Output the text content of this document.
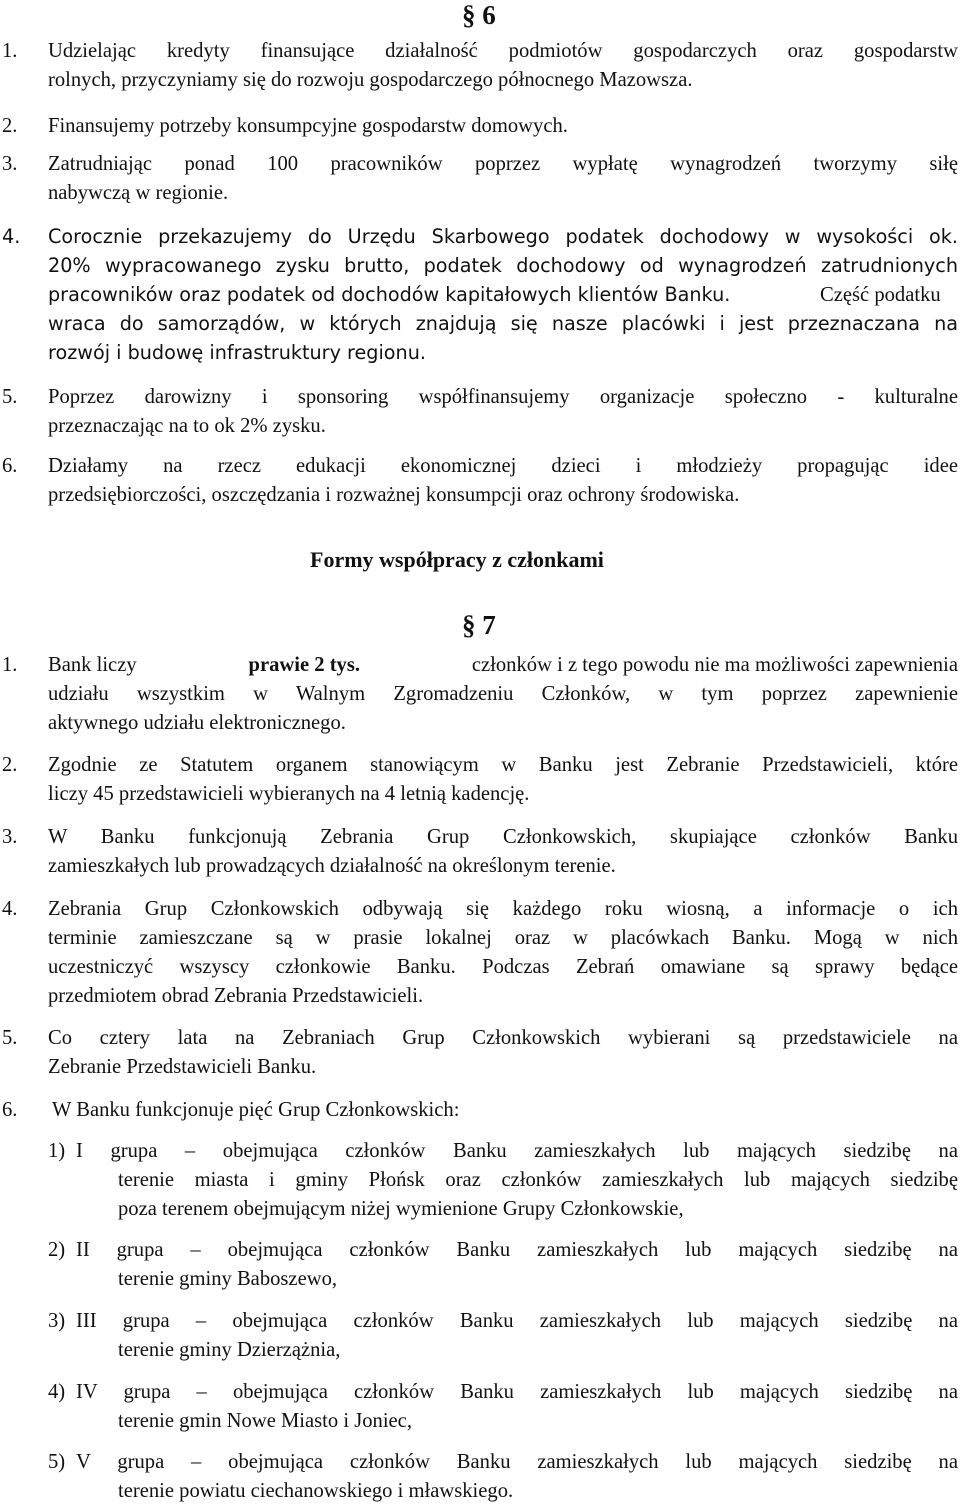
§ 6
1. Udzielając kredyty finansujące działalność podmiotów gospodarczych oraz gospodarstw
rolnych, przyczyniamy się do rozwoju gospodarczego północnego Mazowsza.
2. Finansujemy potrzeby konsumpcyjne gospodarstw domowych.
3. Zatrudniając ponad 100 pracowników poprzez wypłatę wynagrodzeń tworzymy siłę
nabywczą w regionie.
4. Corocznie przekazujemy do Urzędu Skarbowego podatek dochodowy w wysokości ok.
20% wypracowanego zysku brutto, podatek dochodowy od wynagrodzeń zatrudnionych
pracowników oraz podatek od dochodów kapitałowych klientów Banku.	Część podatku
wraca do samorządów, w których znajdują się nasze placówki i jest przeznaczana na
rozwój i budowę infrastruktury regionu.
5. Poprzez darowizny i sponsoring współfinansujemy organizacje społeczno - kulturalne
przeznaczając na to ok 2% zysku.
6. Działamy na rzecz edukacji ekonomicznej dzieci i młodzieży propagując idee
przedsiębiorczości, oszczędzania i rozważnej konsumpcji oraz ochrony środowiska.
Formy współpracy z członkami
§ 7
1. Bank liczy	prawie 2 tys.	członków i z tego powodu nie ma możliwości zapewnienia
udziału wszystkim w Walnym Zgromadzeniu Członków, w tym poprzez zapewnienie
aktywnego udziału elektronicznego.
2. Zgodnie ze Statutem organem stanowiącym w Banku jest Zebranie Przedstawicieli, które
liczy 45 przedstawicieli wybieranych na 4 letnią kadencję.
3. W Banku funkcjonują Zebrania Grup Członkowskich, skupiające członków Banku
zamieszkałych lub prowadzących działalność na określonym terenie.
4. Zebrania Grup Członkowskich odbywają się każdego roku wiosną, a informacje o ich
terminie zamieszczane są w prasie lokalnej oraz w placówkach Banku. Mogą w nich
uczestniczyć wszyscy członkowie Banku. Podczas Zebrań omawiane są sprawy będące
przedmiotem obrad Zebrania Przedstawicieli.
5. Co cztery lata na Zebraniach Grup Członkowskich wybierani są przedstawiciele na
Zebranie Przedstawicieli Banku.
6. W Banku funkcjonuje pięć Grup Członkowskich:
1) I grupa – obejmująca członków Banku zamieszkałych lub mających siedzibę na
terenie miasta i gminy Płońsk oraz członków zamieszkałych lub mających siedzibę
poza terenem obejmującym niżej wymienione Grupy Członkowskie,
2) II grupa – obejmująca członków Banku zamieszkałych lub mających siedzibę na
terenie gminy Baboszewo,
3) III grupa – obejmująca członków Banku zamieszkałych lub mających siedzibę na
terenie gminy Dzierzążnia,
4) IV grupa – obejmująca członków Banku zamieszkałych lub mających siedzibę na
terenie gmin Nowe Miasto i Joniec,
5) V grupa – obejmująca członków Banku zamieszkałych lub mających siedzibę na
terenie powiatu ciechanowskiego i mławskiego.
